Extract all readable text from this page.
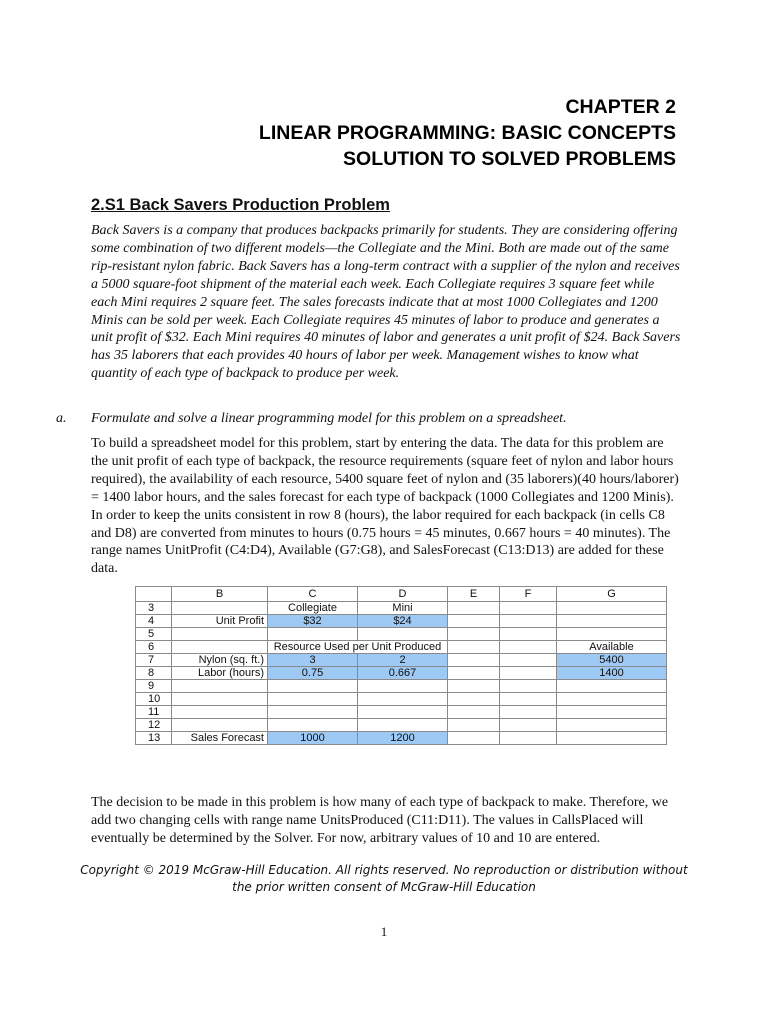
CHAPTER 2
LINEAR PROGRAMMING: BASIC CONCEPTS
SOLUTION TO SOLVED PROBLEMS
2.S1 Back Savers Production Problem
Back Savers is a company that produces backpacks primarily for students. They are considering offering some combination of two different models—the Collegiate and the Mini. Both are made out of the same rip-resistant nylon fabric. Back Savers has a long-term contract with a supplier of the nylon and receives a 5000 square-foot shipment of the material each week. Each Collegiate requires 3 square feet while each Mini requires 2 square feet. The sales forecasts indicate that at most 1000 Collegiates and 1200 Minis can be sold per week. Each Collegiate requires 45 minutes of labor to produce and generates a unit profit of $32. Each Mini requires 40 minutes of labor and generates a unit profit of $24. Back Savers has 35 laborers that each provides 40 hours of labor per week. Management wishes to know what quantity of each type of backpack to produce per week.
a. Formulate and solve a linear programming model for this problem on a spreadsheet.
To build a spreadsheet model for this problem, start by entering the data. The data for this problem are the unit profit of each type of backpack, the resource requirements (square feet of nylon and labor hours required), the availability of each resource, 5400 square feet of nylon and (35 laborers)(40 hours/laborer) = 1400 labor hours, and the sales forecast for each type of backpack (1000 Collegiates and 1200 Minis). In order to keep the units consistent in row 8 (hours), the labor required for each backpack (in cells C8 and D8) are converted from minutes to hours (0.75 hours = 45 minutes, 0.667 hours = 40 minutes). The range names UnitProfit (C4:D4), Available (G7:G8), and SalesForecast (C13:D13) are added for these data.
	B	C	D	E	F	G
3		Collegiate	Mini			
4	Unit Profit	$32	$24			
5						
6		Resource Used per Unit Produced				Available
7	Nylon (sq. ft.)	3	2			5400
8	Labor (hours)	0.75	0.667			1400
9						
10						
11						
12						
13	Sales Forecast	1000	1200			
The decision to be made in this problem is how many of each type of backpack to make. Therefore, we add two changing cells with range name UnitsProduced (C11:D11). The values in CallsPlaced will eventually be determined by the Solver. For now, arbitrary values of 10 and 10 are entered.
Copyright © 2019 McGraw-Hill Education. All rights reserved. No reproduction or distribution without
the prior written consent of McGraw-Hill Education
1
